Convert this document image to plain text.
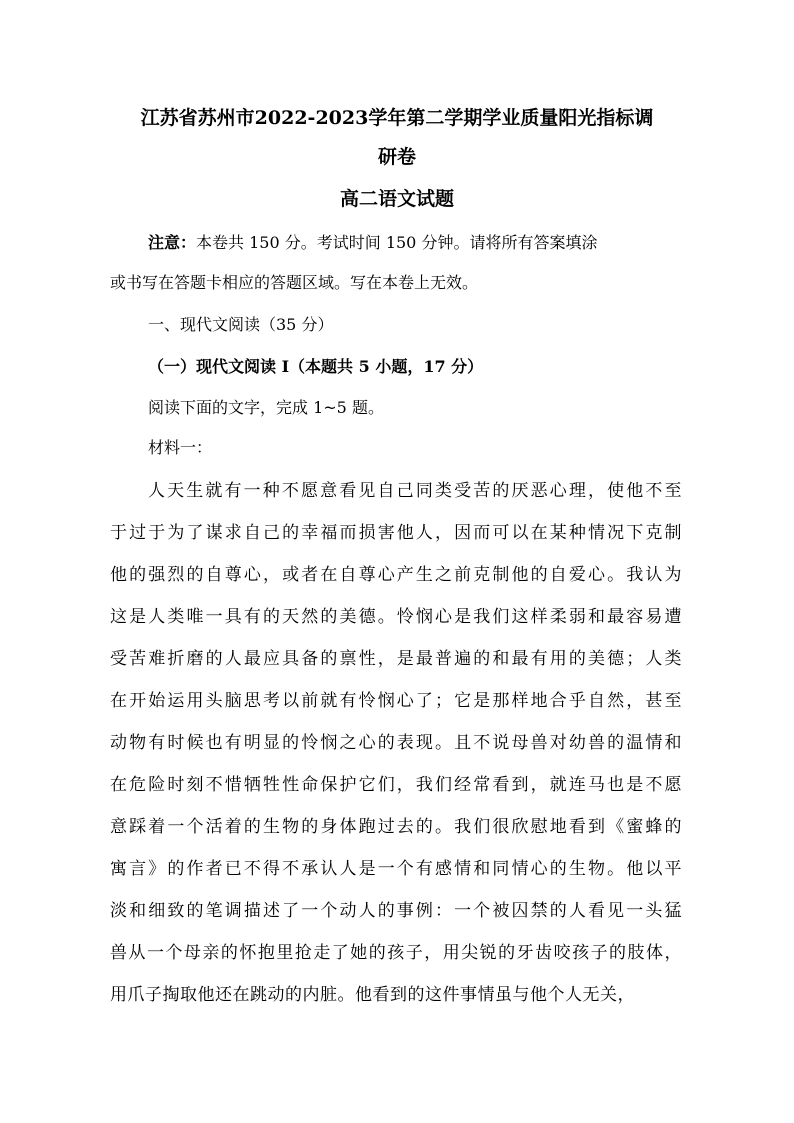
江苏省苏州市2022-2023学年第二学期学业质量阳光指标调
研卷
高二语文试题
注意：本卷共 150 分。考试时间 150 分钟。请将所有答案填涂
或书写在答题卡相应的答题区域。写在本卷上无效。
一、现代文阅读（35 分）
（一）现代文阅读 I（本题共 5 小题，17 分）
阅读下面的文字，完成 1~5 题。
材料一：
人天生就有一种不愿意看见自己同类受苦的厌恶心理，使他不至
于过于为了谋求自己的幸福而损害他人，因而可以在某种情况下克制
他的强烈的自尊心，或者在自尊心产生之前克制他的自爱心。我认为
这是人类唯一具有的天然的美德。怜悯心是我们这样柔弱和最容易遭
受苦难折磨的人最应具备的禀性，是最普遍的和最有用的美德；人类
在开始运用头脑思考以前就有怜悯心了；它是那样地合乎自然，甚至
动物有时候也有明显的怜悯之心的表现。且不说母兽对幼兽的温情和
在危险时刻不惜牺牲性命保护它们，我们经常看到，就连马也是不愿
意踩着一个活着的生物的身体跑过去的。我们很欣慰地看到《蜜蜂的
寓言》的作者已不得不承认人是一个有感情和同情心的生物。他以平
淡和细致的笔调描述了一个动人的事例：一个被囚禁的人看见一头猛
兽从一个母亲的怀抱里抢走了她的孩子，用尖锐的牙齿咬孩子的肢体，
用爪子掏取他还在跳动的内脏。他看到的这件事情虽与他个人无关，
